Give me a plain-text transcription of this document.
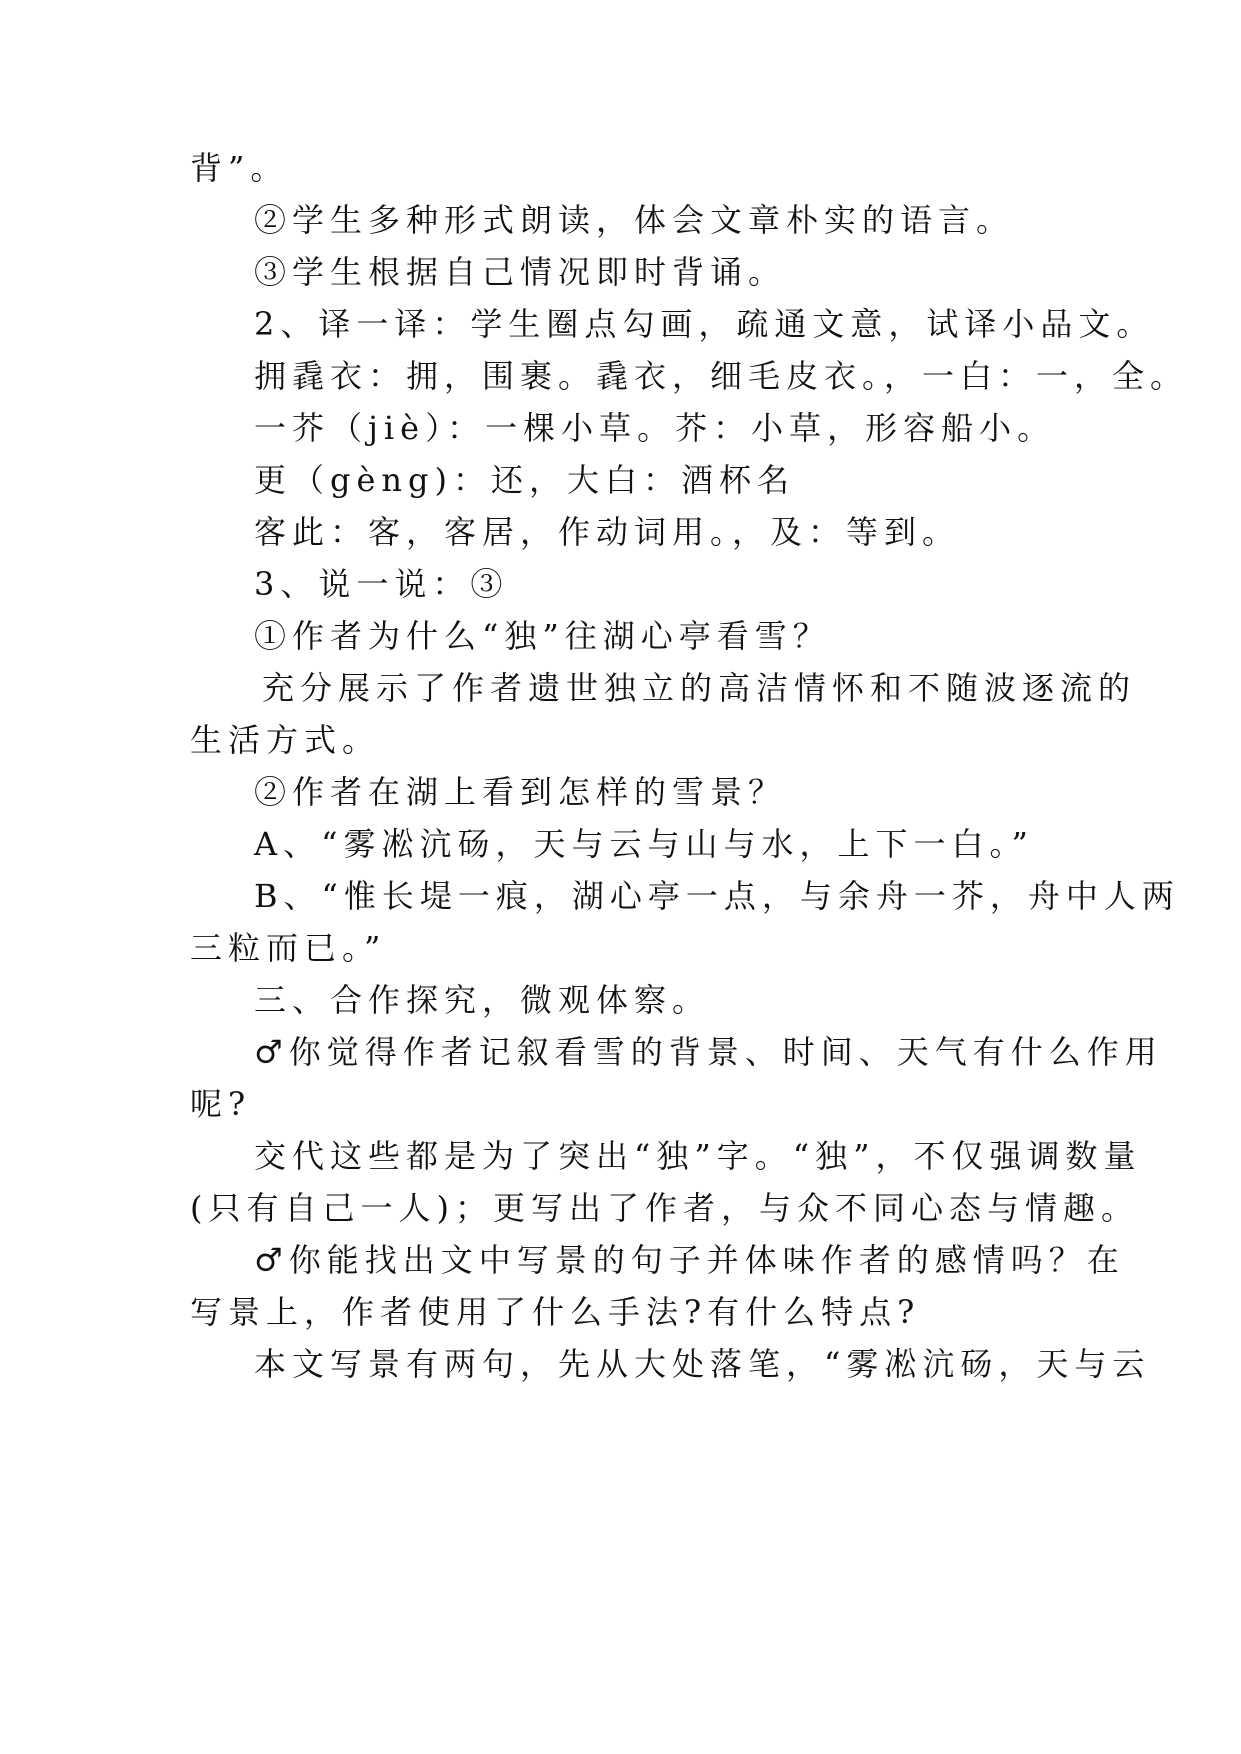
背”。

②学生多种形式朗读，体会文章朴实的语言。

③学生根据自己情况即时背诵。

2、译一译：学生圈点勾画，疏通文意，试译小品文。

拥毳衣：拥，围裹。毳衣，细毛皮衣。，一白：一，全。

一芥（jiè）：一棵小草。芥：小草，形容船小。

更（gèng)：还，大白：酒杯名

客此：客，客居，作动词用。，及：等到。

3、说一说：③

①作者为什么“独”往湖心亭看雪？

充分展示了作者遗世独立的高洁情怀和不随波逐流的

生活方式。

②作者在湖上看到怎样的雪景？

A、“雾凇沆砀，天与云与山与水，上下一白。”

B、“惟长堤一痕，湖心亭一点，与余舟一芥，舟中人两

三粒而已。”

三、合作探究，微观体察。

♂你觉得作者记叙看雪的背景、时间、天气有什么作用

呢?

交代这些都是为了突出“独”字。“独”，不仅强调数量

(只有自己一人)；更写出了作者，与众不同心态与情趣。

♂你能找出文中写景的句子并体味作者的感情吗？在

写景上，作者使用了什么手法?有什么特点?

本文写景有两句，先从大处落笔，“雾凇沆砀，天与云
